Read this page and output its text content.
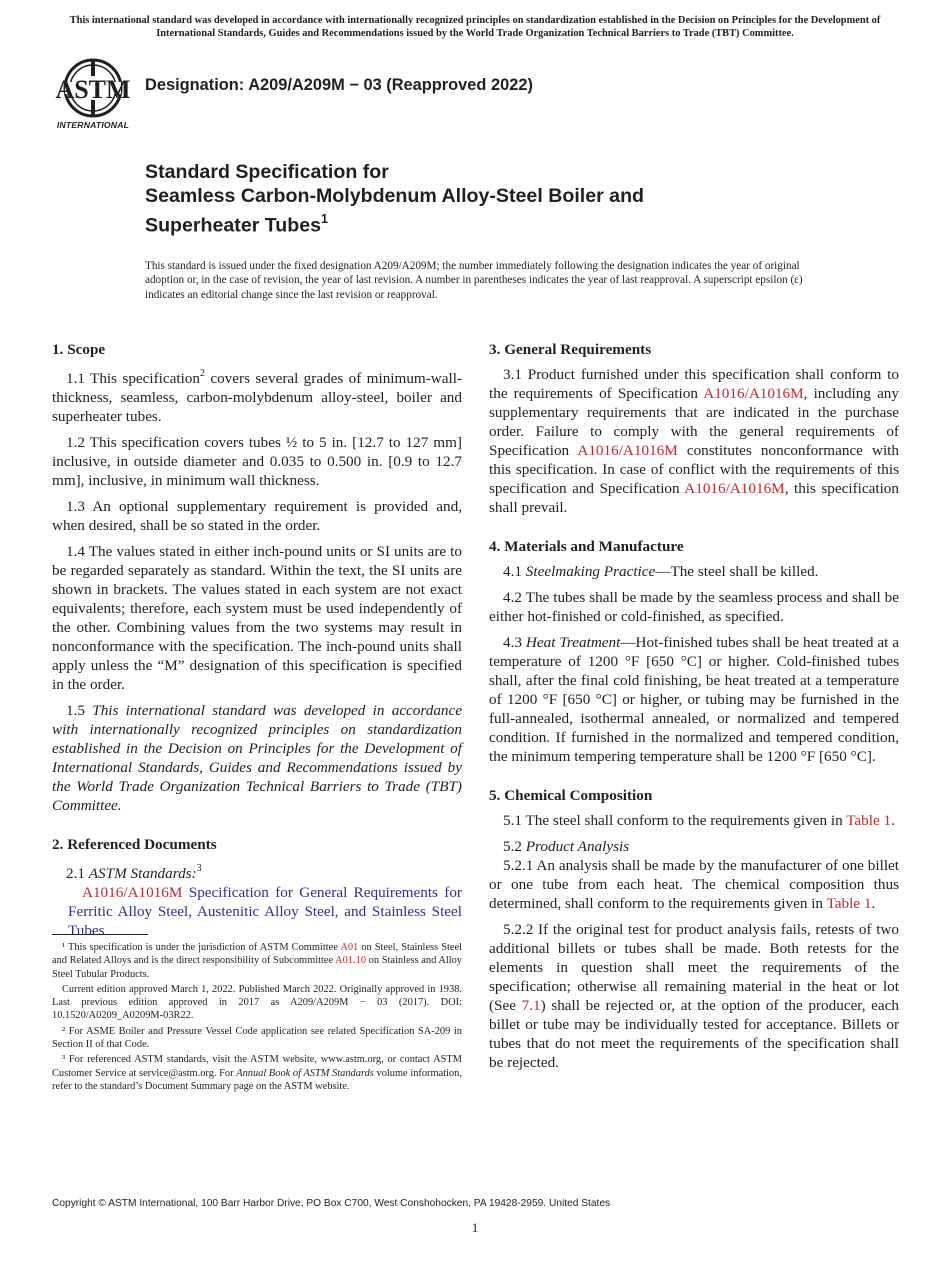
This international standard was developed in accordance with internationally recognized principles on standardization established in the Decision on Principles for the Development of International Standards, Guides and Recommendations issued by the World Trade Organization Technical Barriers to Trade (TBT) Committee.
ASTM
INTERNATIONAL
Designation: A209/A209M − 03 (Reapproved 2022)
Standard Specification for
Seamless Carbon-Molybdenum Alloy-Steel Boiler and
Superheater Tubes$^1$
This standard is issued under the fixed designation A209/A209M; the number immediately following the designation indicates the year of original adoption or, in the case of revision, the year of last revision. A number in parentheses indicates the year of last reapproval. A superscript epsilon (ε) indicates an editorial change since the last revision or reapproval.
1. Scope

1.1 This specification$^2$ covers several grades of minimum-wall-thickness, seamless, carbon-molybdenum alloy-steel, boiler and superheater tubes.

1.2 This specification covers tubes ½ to 5 in. [12.7 to 127 mm] inclusive, in outside diameter and 0.035 to 0.500 in. [0.9 to 12.7 mm], inclusive, in minimum wall thickness.

1.3 An optional supplementary requirement is provided and, when desired, shall be so stated in the order.

1.4 The values stated in either inch-pound units or SI units are to be regarded separately as standard. Within the text, the SI units are shown in brackets. The values stated in each system are not exact equivalents; therefore, each system must be used independently of the other. Combining values from the two systems may result in nonconformance with the specification. The inch-pound units shall apply unless the “M” designation of this specification is specified in the order.

1.5 This international standard was developed in accordance with internationally recognized principles on standardization established in the Decision on Principles for the Development of International Standards, Guides and Recommendations issued by the World Trade Organization Technical Barriers to Trade (TBT) Committee.

2. Referenced Documents

2.1 ASTM Standards:$^3$

A1016/A1016M Specification for General Requirements for Ferritic Alloy Steel, Austenitic Alloy Steel, and Stainless Steel Tubes

¹ This specification is under the jurisdiction of ASTM Committee A01 on Steel, Stainless Steel and Related Alloys and is the direct responsibility of Subcommittee A01.10 on Stainless and Alloy Steel Tubular Products.

Current edition approved March 1, 2022. Published March 2022. Originally approved in 1938. Last previous edition approved in 2017 as A209/A209M − 03 (2017). DOI: 10.1520/A0209_A0209M-03R22.

² For ASME Boiler and Pressure Vessel Code application see related Specification SA-209 in Section II of that Code.

³ For referenced ASTM standards, visit the ASTM website, www.astm.org, or contact ASTM Customer Service at service@astm.org. For Annual Book of ASTM Standards volume information, refer to the standard’s Document Summary page on the ASTM website.

3. General Requirements

3.1 Product furnished under this specification shall conform to the requirements of Specification A1016/A1016M, including any supplementary requirements that are indicated in the purchase order. Failure to comply with the general requirements of Specification A1016/A1016M constitutes nonconformance with this specification. In case of conflict with the requirements of this specification and Specification A1016/A1016M, this specification shall prevail.

4. Materials and Manufacture

4.1 Steelmaking Practice—The steel shall be killed.

4.2 The tubes shall be made by the seamless process and shall be either hot-finished or cold-finished, as specified.

4.3 Heat Treatment—Hot-finished tubes shall be heat treated at a temperature of 1200 °F [650 °C] or higher. Cold-finished tubes shall, after the final cold finishing, be heat treated at a temperature of 1200 °F [650 °C] or higher, or tubing may be furnished in the full-annealed, isothermal annealed, or normalized and tempered condition. If furnished in the normalized and tempered condition, the minimum tempering temperature shall be 1200 °F [650 °C].

5. Chemical Composition

5.1 The steel shall conform to the requirements given in Table 1.

5.2 Product Analysis

5.2.1 An analysis shall be made by the manufacturer of one billet or one tube from each heat. The chemical composition thus determined, shall conform to the requirements given in Table 1.

5.2.2 If the original test for product analysis fails, retests of two additional billets or tubes shall be made. Both retests for the elements in question shall meet the requirements of the specification; otherwise all remaining material in the heat or lot (See 7.1) shall be rejected or, at the option of the producer, each billet or tube may be individually tested for acceptance. Billets or tubes that do not meet the requirements of the specification shall be rejected.

Copyright © ASTM International, 100 Barr Harbor Drive, PO Box C700, West Conshohocken, PA 19428-2959. United States
1
